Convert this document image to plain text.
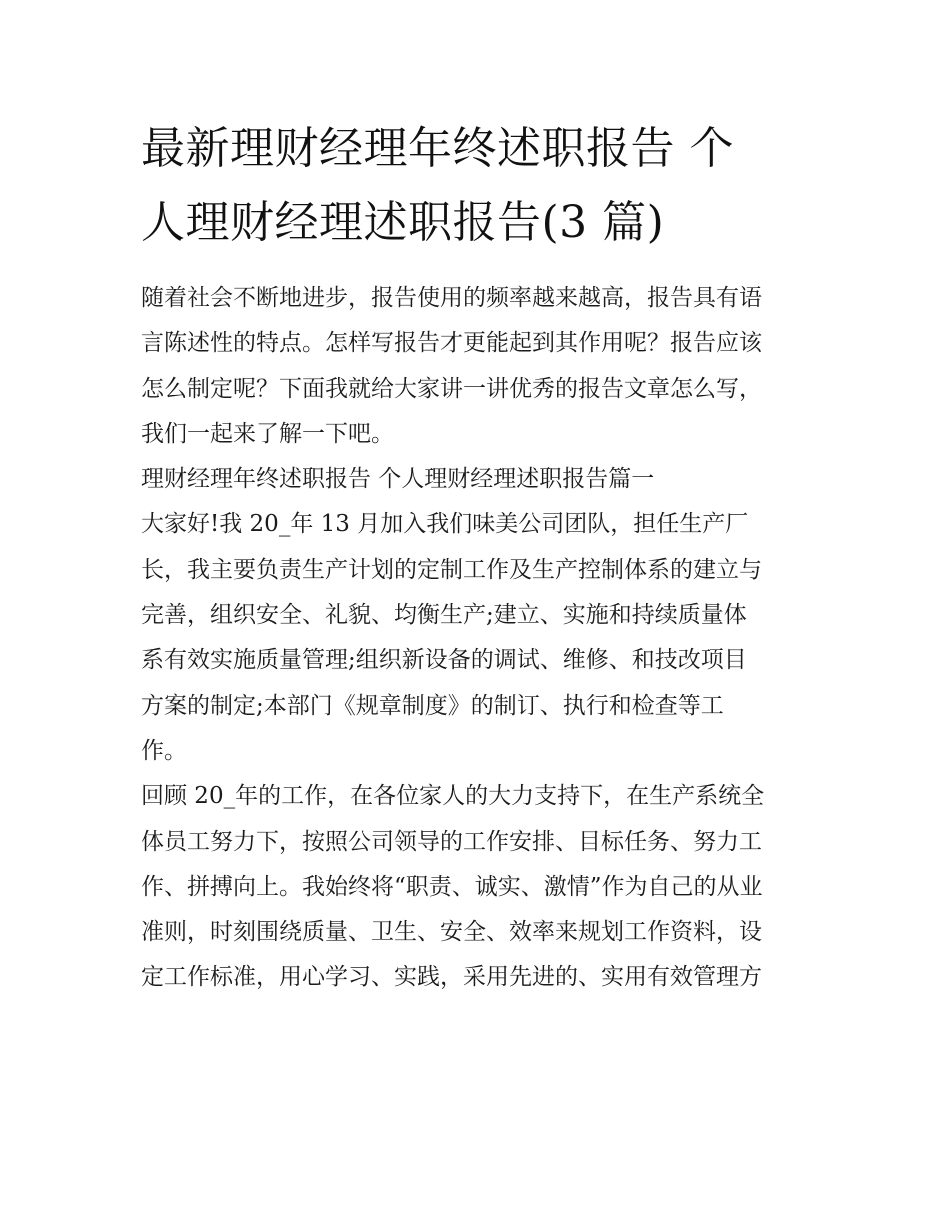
最新理财经理年终述职报告 个
人理财经理述职报告(3 篇)

随着社会不断地进步，报告使用的频率越来越高，报告具有语
言陈述性的特点。怎样写报告才更能起到其作用呢？报告应该
怎么制定呢？下面我就给大家讲一讲优秀的报告文章怎么写，
我们一起来了解一下吧。

理财经理年终述职报告 个人理财经理述职报告篇一

大家好!我 20_年 13 月加入我们味美公司团队，担任生产厂
长，我主要负责生产计划的定制工作及生产控制体系的建立与
完善，组织安全、礼貌、均衡生产;建立、实施和持续质量体
系有效实施质量管理;组织新设备的调试、维修、和技改项目
方案的制定;本部门《规章制度》的制订、执行和检查等工
作。

回顾 20_年的工作，在各位家人的大力支持下，在生产系统全
体员工努力下，按照公司领导的工作安排、目标任务、努力工
作、拼搏向上。我始终将“职责、诚实、激情”作为自己的从业
准则，时刻围绕质量、卫生、安全、效率来规划工作资料，设
定工作标准，用心学习、实践，采用先进的、实用有效管理方
